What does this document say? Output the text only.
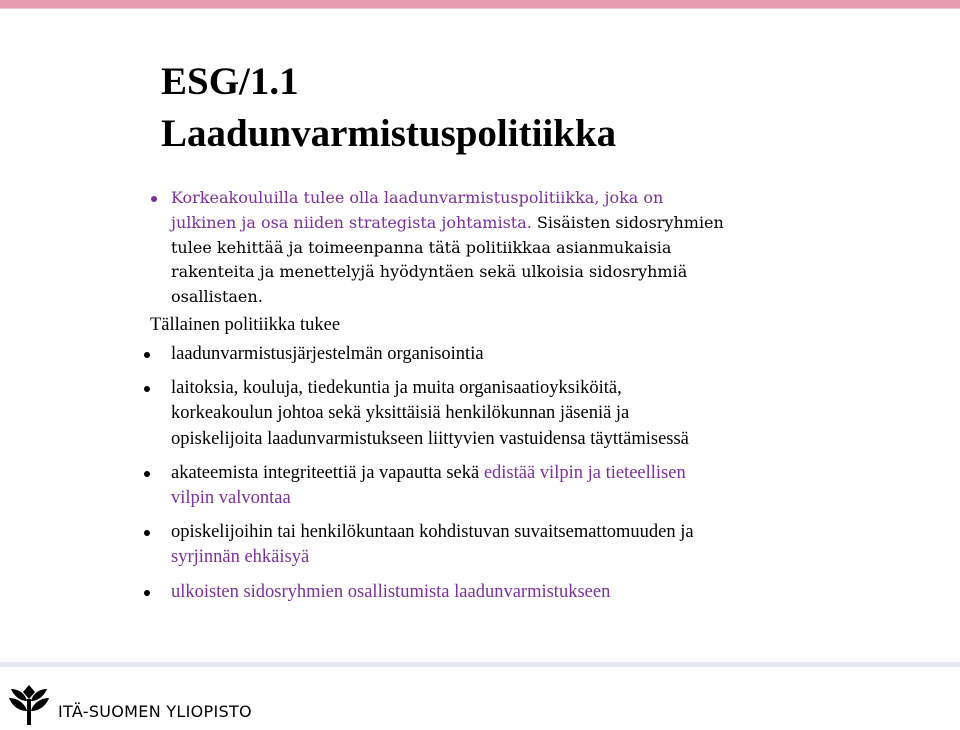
ESG/1.1
Laadunvarmistuspolitiikka

Korkeakouluilla tulee olla laadunvarmistuspolitiikka, joka on
julkinen ja osa niiden strategista johtamista. Sisäisten sidosryhmien
tulee kehittää ja toimeenpanna tätä politiikkaa asianmukaisia
rakenteita ja menettelyjä hyödyntäen sekä ulkoisia sidosryhmiä
osallistaen.

Tällainen politiikka tukee

laadunvarmistusjärjestelmän organisointia
laitoksia, kouluja, tiedekuntia ja muita organisaatioyksiköitä,
korkeakoulun johtoa sekä yksittäisiä henkilökunnan jäseniä ja
opiskelijoita laadunvarmistukseen liittyvien vastuidensa täyttämisessä
akateemista integriteettiä ja vapautta sekä edistää vilpin ja tieteellisen
vilpin valvontaa
opiskelijoihin tai henkilökuntaan kohdistuvan suvaitsemattomuuden ja
syrjinnän ehkäisyä
ulkoisten sidosryhmien osallistumista laadunvarmistukseen
ITÄ-SUOMEN YLIOPISTO
